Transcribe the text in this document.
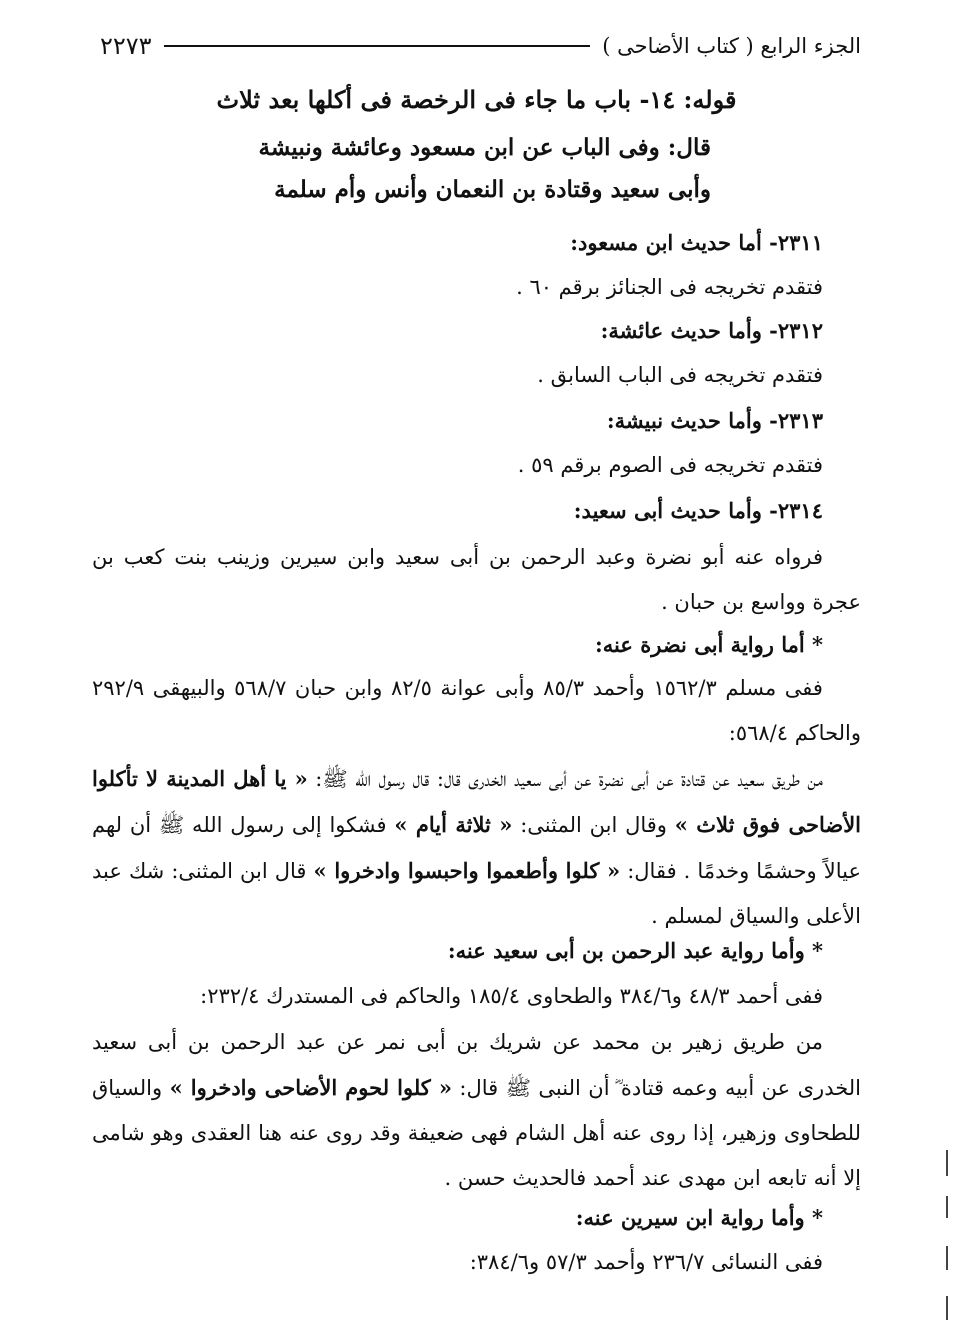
الجزء الرابع ( كتاب الأضاحى )
٢٢٧٣
قوله: ١٤- باب ما جاء فى الرخصة فى أكلها بعد ثلاث
قال: وفى الباب عن ابن مسعود وعائشة ونبيشة
وأبى سعيد وقتادة بن النعمان وأنس وأم سلمة
٢٣١١- أما حديث ابن مسعود:
فتقدم تخريجه فى الجنائز برقم ٦٠ .
٢٣١٢- وأما حديث عائشة:
فتقدم تخريجه فى الباب السابق .
٢٣١٣- وأما حديث نبيشة:
فتقدم تخريجه فى الصوم برقم ٥٩ .
٢٣١٤- وأما حديث أبى سعيد:
فرواه عنه أبو نضرة وعبد الرحمن بن أبى سعيد وابن سيرين وزينب بنت كعب بن عجرة وواسع بن حبان .
* أما رواية أبى نضرة عنه:
ففى مسلم ١٥٦٢/٣ وأحمد ٨٥/٣ وأبى عوانة ٨٢/٥ وابن حبان ٥٦٨/٧ والبيهقى ٢٩٢/٩ والحاكم ٥٦٨/٤:
من طريق سعيد عن قتادة عن أبى نضرة عن أبى سعيد الخدرى قال: قال رسول الله ﷺ: « يا أهل المدينة لا تأكلوا الأضاحى فوق ثلاث » وقال ابن المثنى: « ثلاثة أيام » فشكوا إلى رسول الله ﷺ أن لهم عيالاً وحشمًا وخدمًا . فقال: « كلوا وأطعموا واحبسوا وادخروا » قال ابن المثنى: شك عبد الأعلى والسياق لمسلم .
* وأما رواية عبد الرحمن بن أبى سعيد عنه:
ففى أحمد ٤٨/٣ و٣٨٤/٦ والطحاوى ١٨٥/٤ والحاكم فى المستدرك ٢٣٢/٤:
من طريق زهير بن محمد عن شريك بن أبى نمر عن عبد الرحمن بن أبى سعيد الخدرى عن أبيه وعمه قتادة ؓ أن النبى ﷺ قال: « كلوا لحوم الأضاحى وادخروا » والسياق للطحاوى وزهير، إذا روى عنه أهل الشام فهى ضعيفة وقد روى عنه هنا العقدى وهو شامى إلا أنه تابعه ابن مهدى عند أحمد فالحديث حسن .
* وأما رواية ابن سيرين عنه:
ففى النسائى ٢٣٦/٧ وأحمد ٥٧/٣ و٣٨٤/٦:
